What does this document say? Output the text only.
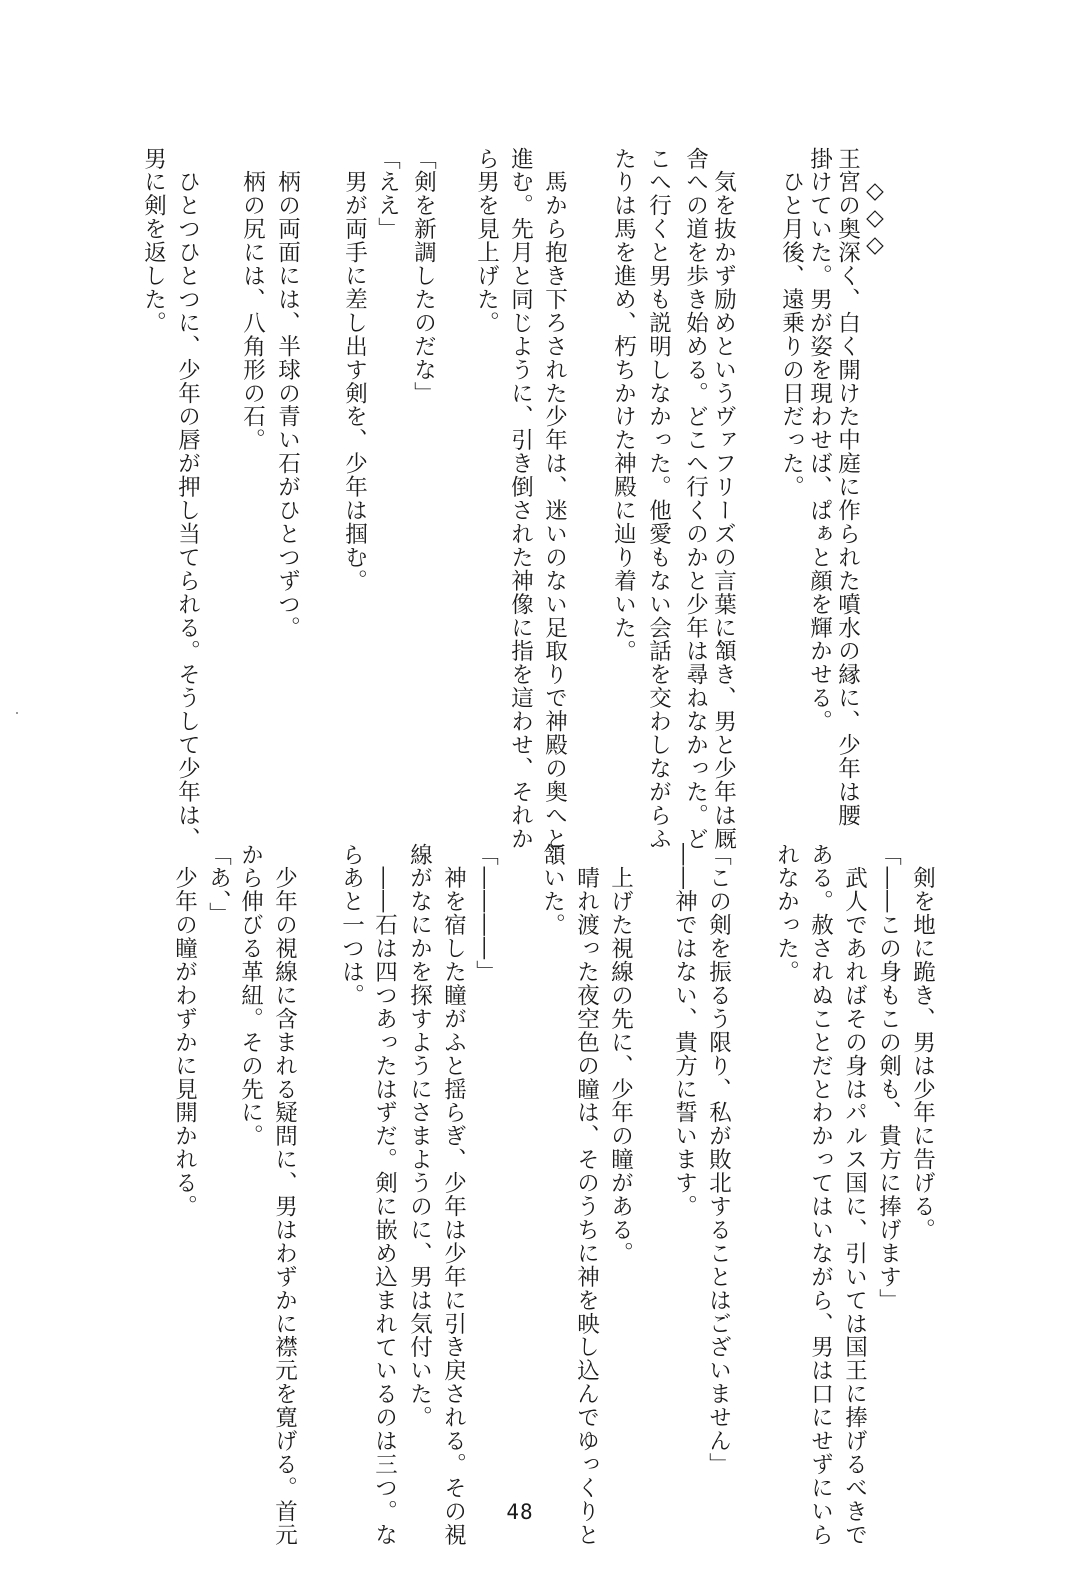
◇◇◇

王宮の奥深く、白く開けた中庭に作られた噴水の縁に、少年は腰

掛けていた。男が姿を現わせば、ぱぁと顔を輝かせる。

　ひと月後、遠乗りの日だった。

　気を抜かず励めというヴァフリーズの言葉に頷き、男と少年は厩

舎への道を歩き始める。どこへ行くのかと少年は尋ねなかった。ど

こへ行くと男も説明しなかった。他愛もない会話を交わしながらふ

たりは馬を進め、朽ちかけた神殿に辿り着いた。

　馬から抱き下ろされた少年は、迷いのない足取りで神殿の奥へと

進む。先月と同じように、引き倒された神像に指を這わせ、それか

ら男を見上げた。

「剣を新調したのだな」

「ええ」

　男が両手に差し出す剣を、少年は掴む。

　柄の両面には、半球の青い石がひとつずつ。

　柄の尻には、八角形の石。

　ひとつひとつに、少年の唇が押し当てられる。そうして少年は、

男に剣を返した。

　剣を地に跪き、男は少年に告げる。

「――この身もこの剣も、貴方に捧げます」

　武人であればその身はパルス国に、引いては国王に捧げるべきで

ある。赦されぬことだとわかってはいながら、男は口にせずにいら

れなかった。

「この剣を振るう限り、私が敗北することはございません」

――神ではない、貴方に誓います。

　上げた視線の先に、少年の瞳がある。

　晴れ渡った夜空色の瞳は、そのうちに神を映し込んでゆっくりと

頷いた。

「――――」

　神を宿した瞳がふと揺らぎ、少年は少年に引き戻される。その視

線がなにかを探すようにさまようのに、男は気付いた。

　――石は四つあったはずだ。剣に嵌め込まれているのは三つ。な

らあと一つは。

　少年の視線に含まれる疑問に、男はわずかに襟元を寛げる。首元

から伸びる革紐。その先に。

「あ、」

　少年の瞳がわずかに見開かれる。

48
